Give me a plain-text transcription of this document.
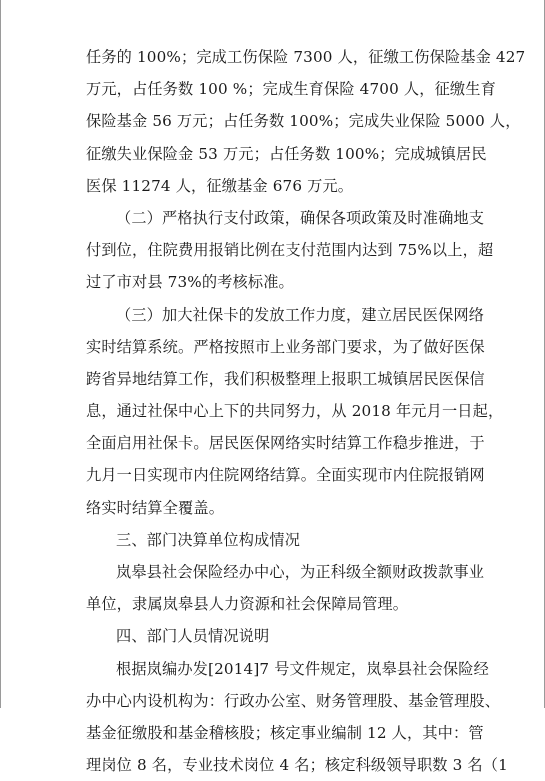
任务的 100%；完成工伤保险 7300 人，征缴工伤保险基金 427
万元，占任务数 100 %；完成生育保险 4700 人，征缴生育
保险基金 56 万元；占任务数 100%；完成失业保险 5000 人，
征缴失业保险金 53 万元；占任务数 100%；完成城镇居民
医保 11274 人，征缴基金 676 万元。
（二）严格执行支付政策，确保各项政策及时准确地支
付到位，住院费用报销比例在支付范围内达到 75%以上，超
过了市对县 73%的考核标准。
（三）加大社保卡的发放工作力度，建立居民医保网络
实时结算系统。严格按照市上业务部门要求，为了做好医保
跨省异地结算工作，我们积极整理上报职工城镇居民医保信
息，通过社保中心上下的共同努力，从 2018 年元月一日起，
全面启用社保卡。居民医保网络实时结算工作稳步推进，于
九月一日实现市内住院网络结算。全面实现市内住院报销网
络实时结算全覆盖。
三、部门决算单位构成情况
岚皋县社会保险经办中心，为正科级全额财政拨款事业
单位，隶属岚皋县人力资源和社会保障局管理。
四、部门人员情况说明
根据岚编办发[2014]7 号文件规定，岚皋县社会保险经
办中心内设机构为：行政办公室、财务管理股、基金管理股、
基金征缴股和基金稽核股；核定事业编制 12 人，其中：管
理岗位 8 名，专业技术岗位 4 名；核定科级领导职数 3 名（1
